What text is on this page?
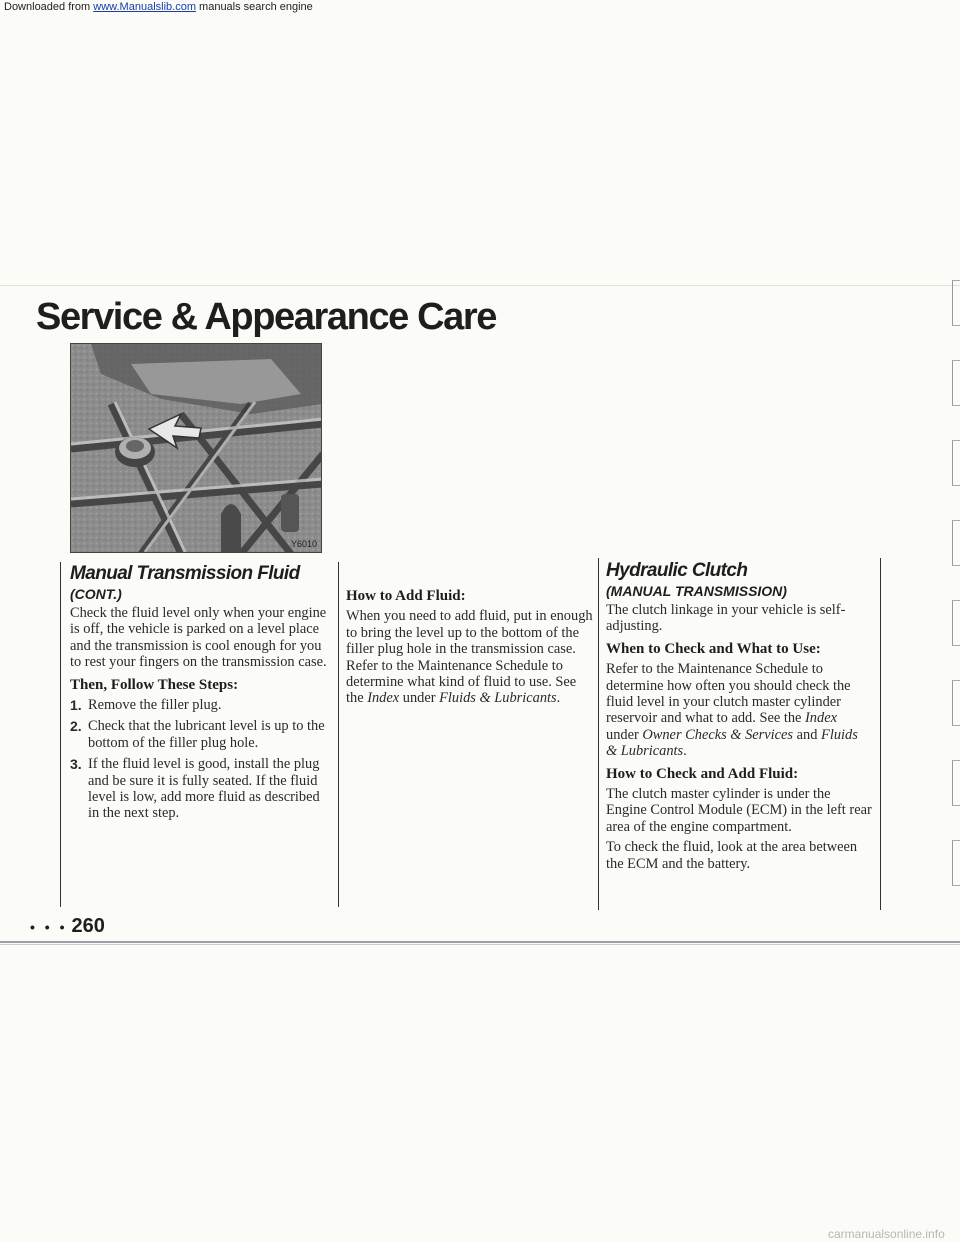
Downloaded from www.Manualslib.com manuals search engine
Service & Appearance Care
Y6010
Manual Transmission Fluid
(CONT.)

Check the fluid level only when your engine is off, the vehicle is parked on a level place and the transmission is cool enough for you to rest your fingers on the transmission case.

Then, Follow These Steps:
1. Remove the filler plug.
2. Check that the lubricant level is up to the bottom of the filler plug hole.
3. If the fluid level is good, install the plug and be sure it is fully seated. If the fluid level is low, add more fluid as described in the next step.
How to Add Fluid:

When you need to add fluid, put in enough to bring the level up to the bottom of the filler plug hole in the transmission case. Refer to the Maintenance Schedule to determine what kind of fluid to use. See the Index under Fluids & Lubricants.

Hydraulic Clutch
(MANUAL TRANSMISSION)

The clutch linkage in your vehicle is self-adjusting.

When to Check and What to Use:

Refer to the Maintenance Schedule to determine how often you should check the fluid level in your clutch master cylinder reservoir and what to add. See the Index under Owner Checks & Services and Fluids & Lubricants.

How to Check and Add Fluid:

The clutch master cylinder is under the Engine Control Module (ECM) in the left rear area of the engine compartment.

To check the fluid, look at the area between the ECM and the battery.

• • • 260
carmanualsonline.info
